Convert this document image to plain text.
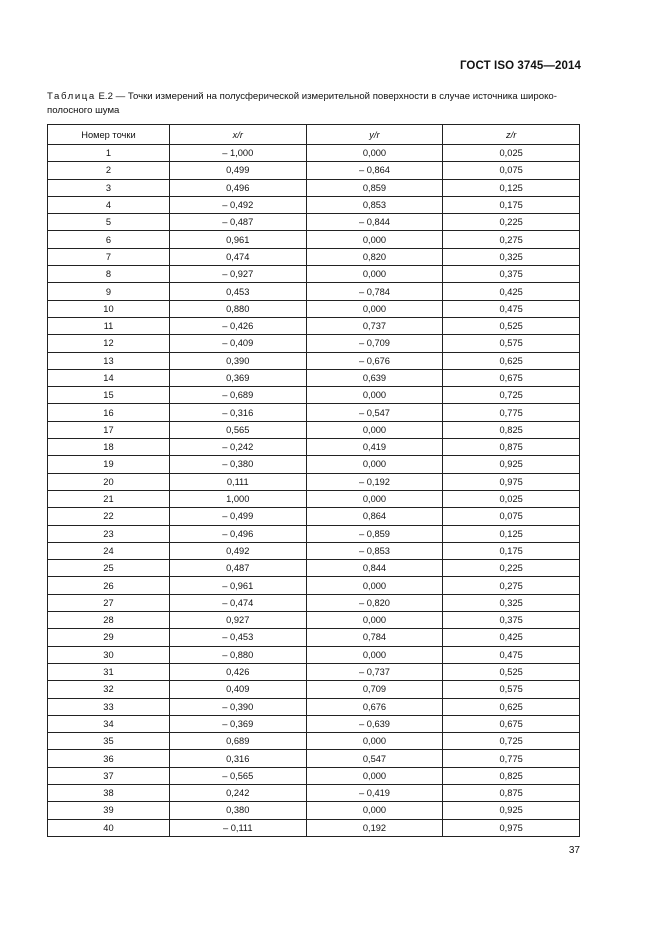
ГОСТ ISO 3745—2014
Таблица Е.2 — Точки измерений на полусферической измерительной поверхности в случае источника широко-
полосного шума
Номер точки	x/r	y/r	z/r
1	– 1,000	0,000	0,025
2	0,499	– 0,864	0,075
3	0,496	0,859	0,125
4	– 0,492	0,853	0,175
5	– 0,487	– 0,844	0,225
6	0,961	0,000	0,275
7	0,474	0,820	0,325
8	– 0,927	0,000	0,375
9	0,453	– 0,784	0,425
10	0,880	0,000	0,475
11	– 0,426	0,737	0,525
12	– 0,409	– 0,709	0,575
13	0,390	– 0,676	0,625
14	0,369	0,639	0,675
15	– 0,689	0,000	0,725
16	– 0,316	– 0,547	0,775
17	0,565	0,000	0,825
18	– 0,242	0,419	0,875
19	– 0,380	0,000	0,925
20	0,111	– 0,192	0,975
21	1,000	0,000	0,025
22	– 0,499	0,864	0,075
23	– 0,496	– 0,859	0,125
24	0,492	– 0,853	0,175
25	0,487	0,844	0,225
26	– 0,961	0,000	0,275
27	– 0,474	– 0,820	0,325
28	0,927	0,000	0,375
29	– 0,453	0,784	0,425
30	– 0,880	0,000	0,475
31	0,426	– 0,737	0,525
32	0,409	0,709	0,575
33	– 0,390	0,676	0,625
34	– 0,369	– 0,639	0,675
35	0,689	0,000	0,725
36	0,316	0,547	0,775
37	– 0,565	0,000	0,825
38	0,242	– 0,419	0,875
39	0,380	0,000	0,925
40	– 0,111	0,192	0,975
37
